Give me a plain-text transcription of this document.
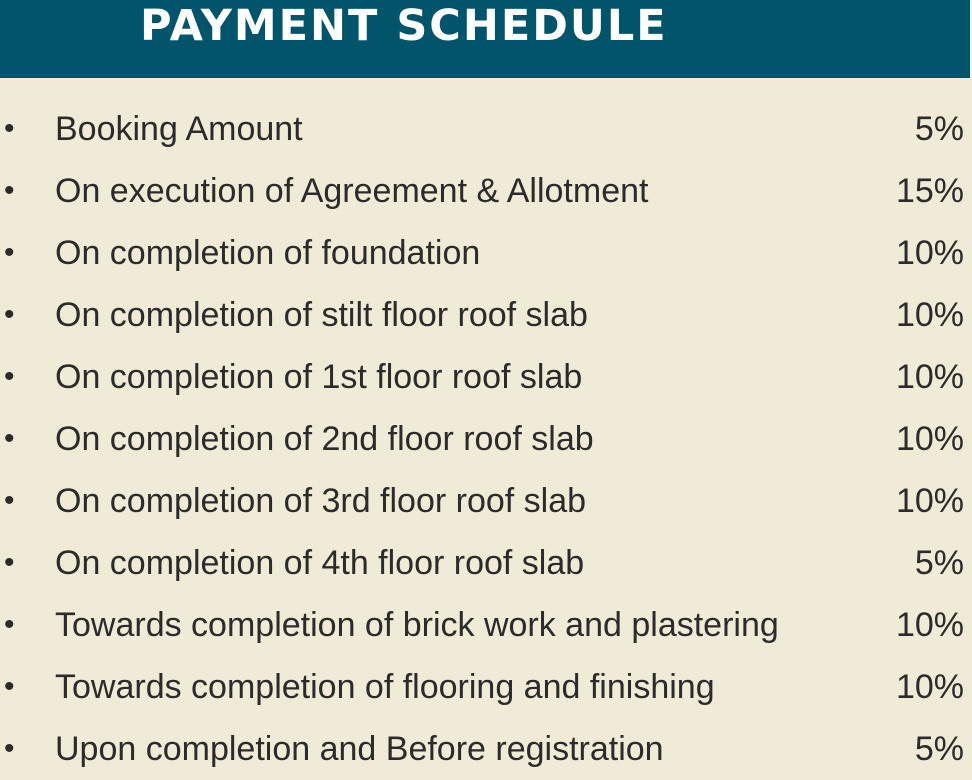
PAYMENT SCHEDULE
• Booking Amount	5%
• On execution of Agreement & Allotment	15%
• On completion of foundation	10%
• On completion of stilt floor roof slab	10%
• On completion of 1st floor roof slab	10%
• On completion of 2nd floor roof slab	10%
• On completion of 3rd floor roof slab	10%
• On completion of 4th floor roof slab	5%
• Towards completion of brick work and plastering	10%
• Towards completion of flooring and finishing	10%
• Upon completion and Before registration	5%
